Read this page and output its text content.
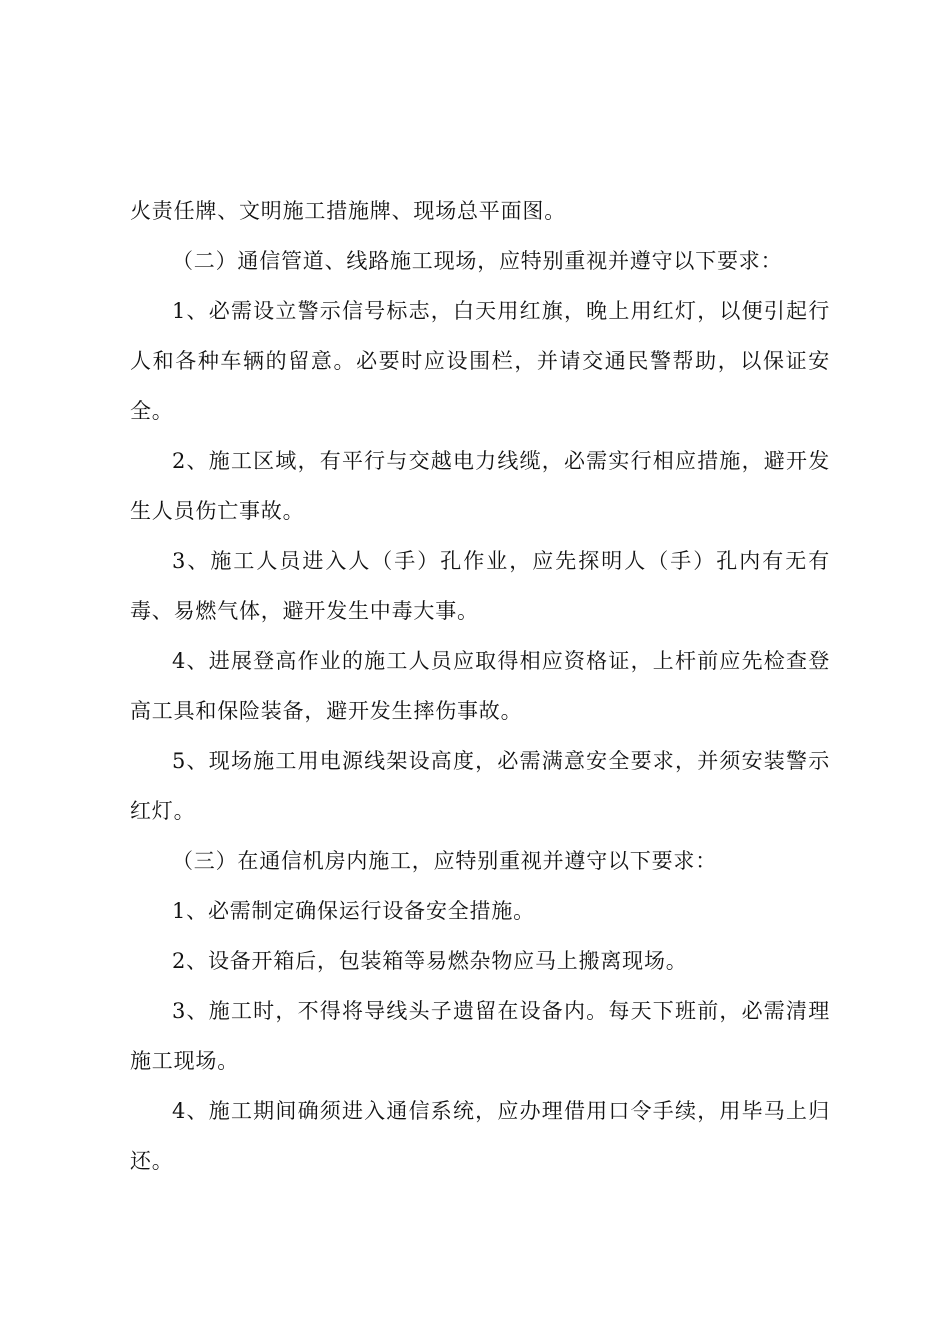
火责任牌、文明施工措施牌、现场总平面图。

（二）通信管道、线路施工现场，应特别重视并遵守以下要求：

1、必需设立警示信号标志，白天用红旗，晚上用红灯，以便引起行人和各种车辆的留意。必要时应设围栏，并请交通民警帮助，以保证安全。

2、施工区域，有平行与交越电力线缆，必需实行相应措施，避开发生人员伤亡事故。

3、施工人员进入人（手）孔作业，应先探明人（手）孔内有无有毒、易燃气体，避开发生中毒大事。

4、进展登高作业的施工人员应取得相应资格证，上杆前应先检查登高工具和保险装备，避开发生摔伤事故。

5、现场施工用电源线架设高度，必需满意安全要求，并须安装警示红灯。

（三）在通信机房内施工，应特别重视并遵守以下要求：

1、必需制定确保运行设备安全措施。

2、设备开箱后，包装箱等易燃杂物应马上搬离现场。

3、施工时，不得将导线头子遗留在设备内。每天下班前，必需清理施工现场。

4、施工期间确须进入通信系统，应办理借用口令手续，用毕马上归还。
